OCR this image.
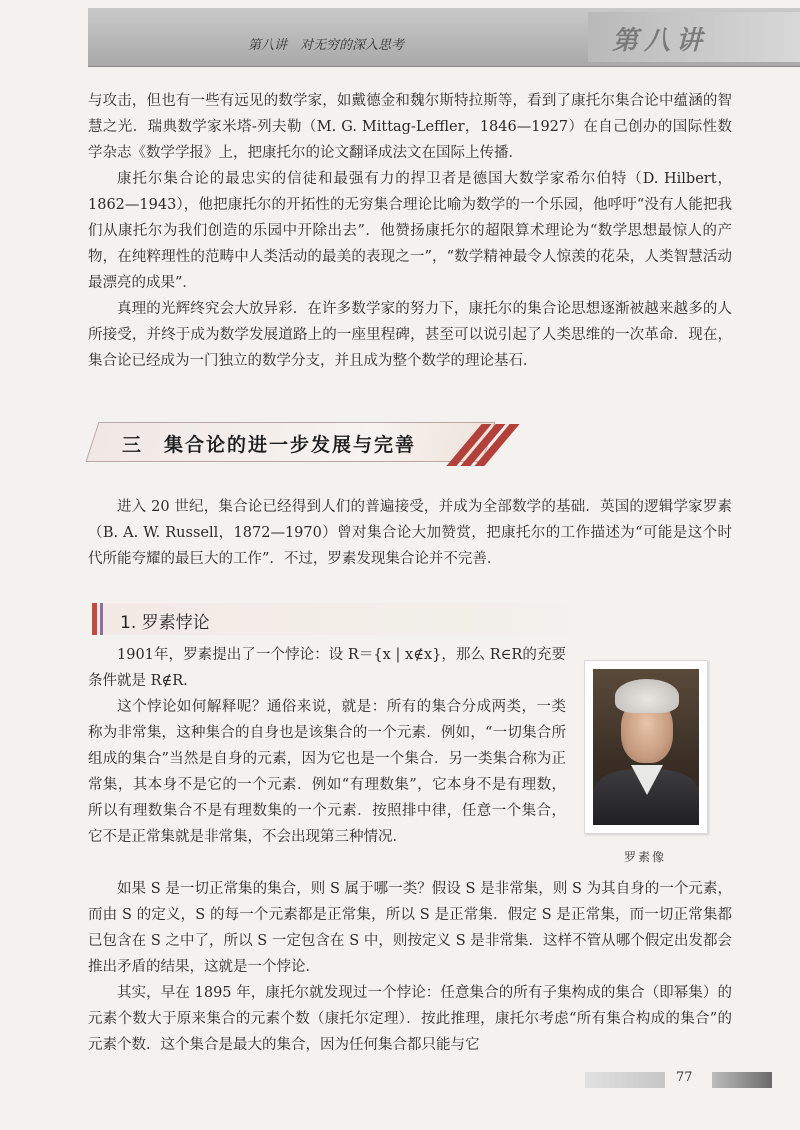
第八讲　对无穷的深入思考	第八讲
与攻击，但也有一些有远见的数学家，如戴德金和魏尔斯特拉斯等，看到了康托尔集合论中蕴涵的智慧之光．瑞典数学家米塔-列夫勒（M. G. Mittag-Leffler，1846—1927）在自己创办的国际性数学杂志《数学学报》上，把康托尔的论文翻译成法文在国际上传播．
康托尔集合论的最忠实的信徒和最强有力的捍卫者是德国大数学家希尔伯特（D. Hilbert，1862—1943），他把康托尔的开拓性的无穷集合理论比喻为数学的一个乐园，他呼吁“没有人能把我们从康托尔为我们创造的乐园中开除出去”．他赞扬康托尔的超限算术理论为“数学思想最惊人的产物，在纯粹理性的范畴中人类活动的最美的表现之一”，“数学精神最令人惊羡的花朵，人类智慧活动最漂亮的成果”．
真理的光辉终究会大放异彩．在许多数学家的努力下，康托尔的集合论思想逐渐被越来越多的人所接受，并终于成为数学发展道路上的一座里程碑，甚至可以说引起了人类思维的一次革命．现在，集合论已经成为一门独立的数学分支，并且成为整个数学的理论基石．
三　集合论的进一步发展与完善
进入 20 世纪，集合论已经得到人们的普遍接受，并成为全部数学的基础．英国的逻辑学家罗素（B. A. W. Russell，1872—1970）曾对集合论大加赞赏，把康托尔的工作描述为“可能是这个时代所能夸耀的最巨大的工作”．不过，罗素发现集合论并不完善．
1. 罗素悖论
1901年，罗素提出了一个悖论：设 R＝{x | x∉x}，那么 R∈R的充要条件就是 R∉R.
这个悖论如何解释呢？通俗来说，就是：所有的集合分成两类，一类称为非常集，这种集合的自身也是该集合的一个元素．例如，“一切集合所组成的集合”当然是自身的元素，因为它也是一个集合．另一类集合称为正常集，其本身不是它的一个元素．例如“有理数集”，它本身不是有理数，所以有理数集合不是有理数集的一个元素．按照排中律，任意一个集合，它不是正常集就是非常集，不会出现第三种情况．
罗素像
如果 S 是一切正常集的集合，则 S 属于哪一类？假设 S 是非常集，则 S 为其自身的一个元素，而由 S 的定义，S 的每一个元素都是正常集，所以 S 是正常集．假定 S 是正常集，而一切正常集都已包含在 S 之中了，所以 S 一定包含在 S 中，则按定义 S 是非常集．这样不管从哪个假定出发都会推出矛盾的结果，这就是一个悖论．
其实，早在 1895 年，康托尔就发现过一个悖论：任意集合的所有子集构成的集合（即幂集）的元素个数大于原来集合的元素个数（康托尔定理）．按此推理，康托尔考虑“所有集合构成的集合”的元素个数．这个集合是最大的集合，因为任何集合都只能与它
77
